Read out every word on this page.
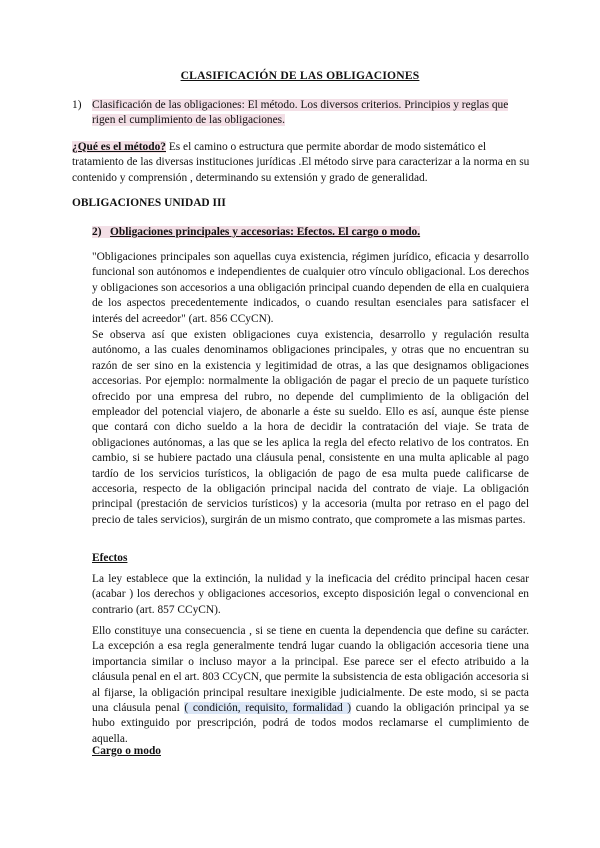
CLASIFICACIÓN DE LAS OBLIGACIONES
1) Clasificación de las obligaciones: El método. Los diversos criterios. Principios y reglas que rigen el cumplimiento de las obligaciones.
¿Qué es el método? Es el camino o estructura que permite abordar de modo sistemático el tratamiento de las diversas instituciones jurídicas .El método sirve para caracterizar a la norma en su contenido y comprensión , determinando su extensión y grado de generalidad.
OBLIGACIONES UNIDAD III
2) Obligaciones principales y accesorias: Efectos. El cargo o modo.
"Obligaciones principales son aquellas cuya existencia, régimen jurídico, eficacia y desarrollo funcional son autónomos e independientes de cualquier otro vínculo obligacional. Los derechos y obligaciones son accesorios a una obligación principal cuando dependen de ella en cualquiera de los aspectos precedentemente indicados, o cuando resultan esenciales para satisfacer el interés del acreedor" (art. 856 CCyCN).
Se observa así que existen obligaciones cuya existencia, desarrollo y regulación resulta autónomo, a las cuales denominamos obligaciones principales, y otras que no encuentran su razón de ser sino en la existencia y legitimidad de otras, a las que designamos obligaciones accesorias. Por ejemplo: normalmente la obligación de pagar el precio de un paquete turístico ofrecido por una empresa del rubro, no depende del cumplimiento de la obligación del empleador del potencial viajero, de abonarle a éste su sueldo. Ello es así, aunque éste piense que contará con dicho sueldo a la hora de decidir la contratación del viaje. Se trata de obligaciones autónomas, a las que se les aplica la regla del efecto relativo de los contratos. En cambio, si se hubiere pactado una cláusula penal, consistente en una multa aplicable al pago tardío de los servicios turísticos, la obligación de pago de esa multa puede calificarse de accesoria, respecto de la obligación principal nacida del contrato de viaje. La obligación principal (prestación de servicios turísticos) y la accesoria (multa por retraso en el pago del precio de tales servicios), surgirán de un mismo contrato, que compromete a las mismas partes.
Efectos
La ley establece que la extinción, la nulidad y la ineficacia del crédito principal hacen cesar (acabar ) los derechos y obligaciones accesorios, excepto disposición legal o convencional en contrario (art. 857 CCyCN).
Ello constituye una consecuencia , si se tiene en cuenta la dependencia que define su carácter. La excepción a esa regla generalmente tendrá lugar cuando la obligación accesoria tiene una importancia similar o incluso mayor a la principal. Ese parece ser el efecto atribuido a la cláusula penal en el art. 803 CCyCN, que permite la subsistencia de esta obligación accesoria si al fijarse, la obligación principal resultare inexigible judicialmente. De este modo, si se pacta una cláusula penal ( condición, requisito, formalidad ) cuando la obligación principal ya se hubo extinguido por prescripción, podrá de todos modos reclamarse el cumplimiento de aquella.
Cargo o modo
